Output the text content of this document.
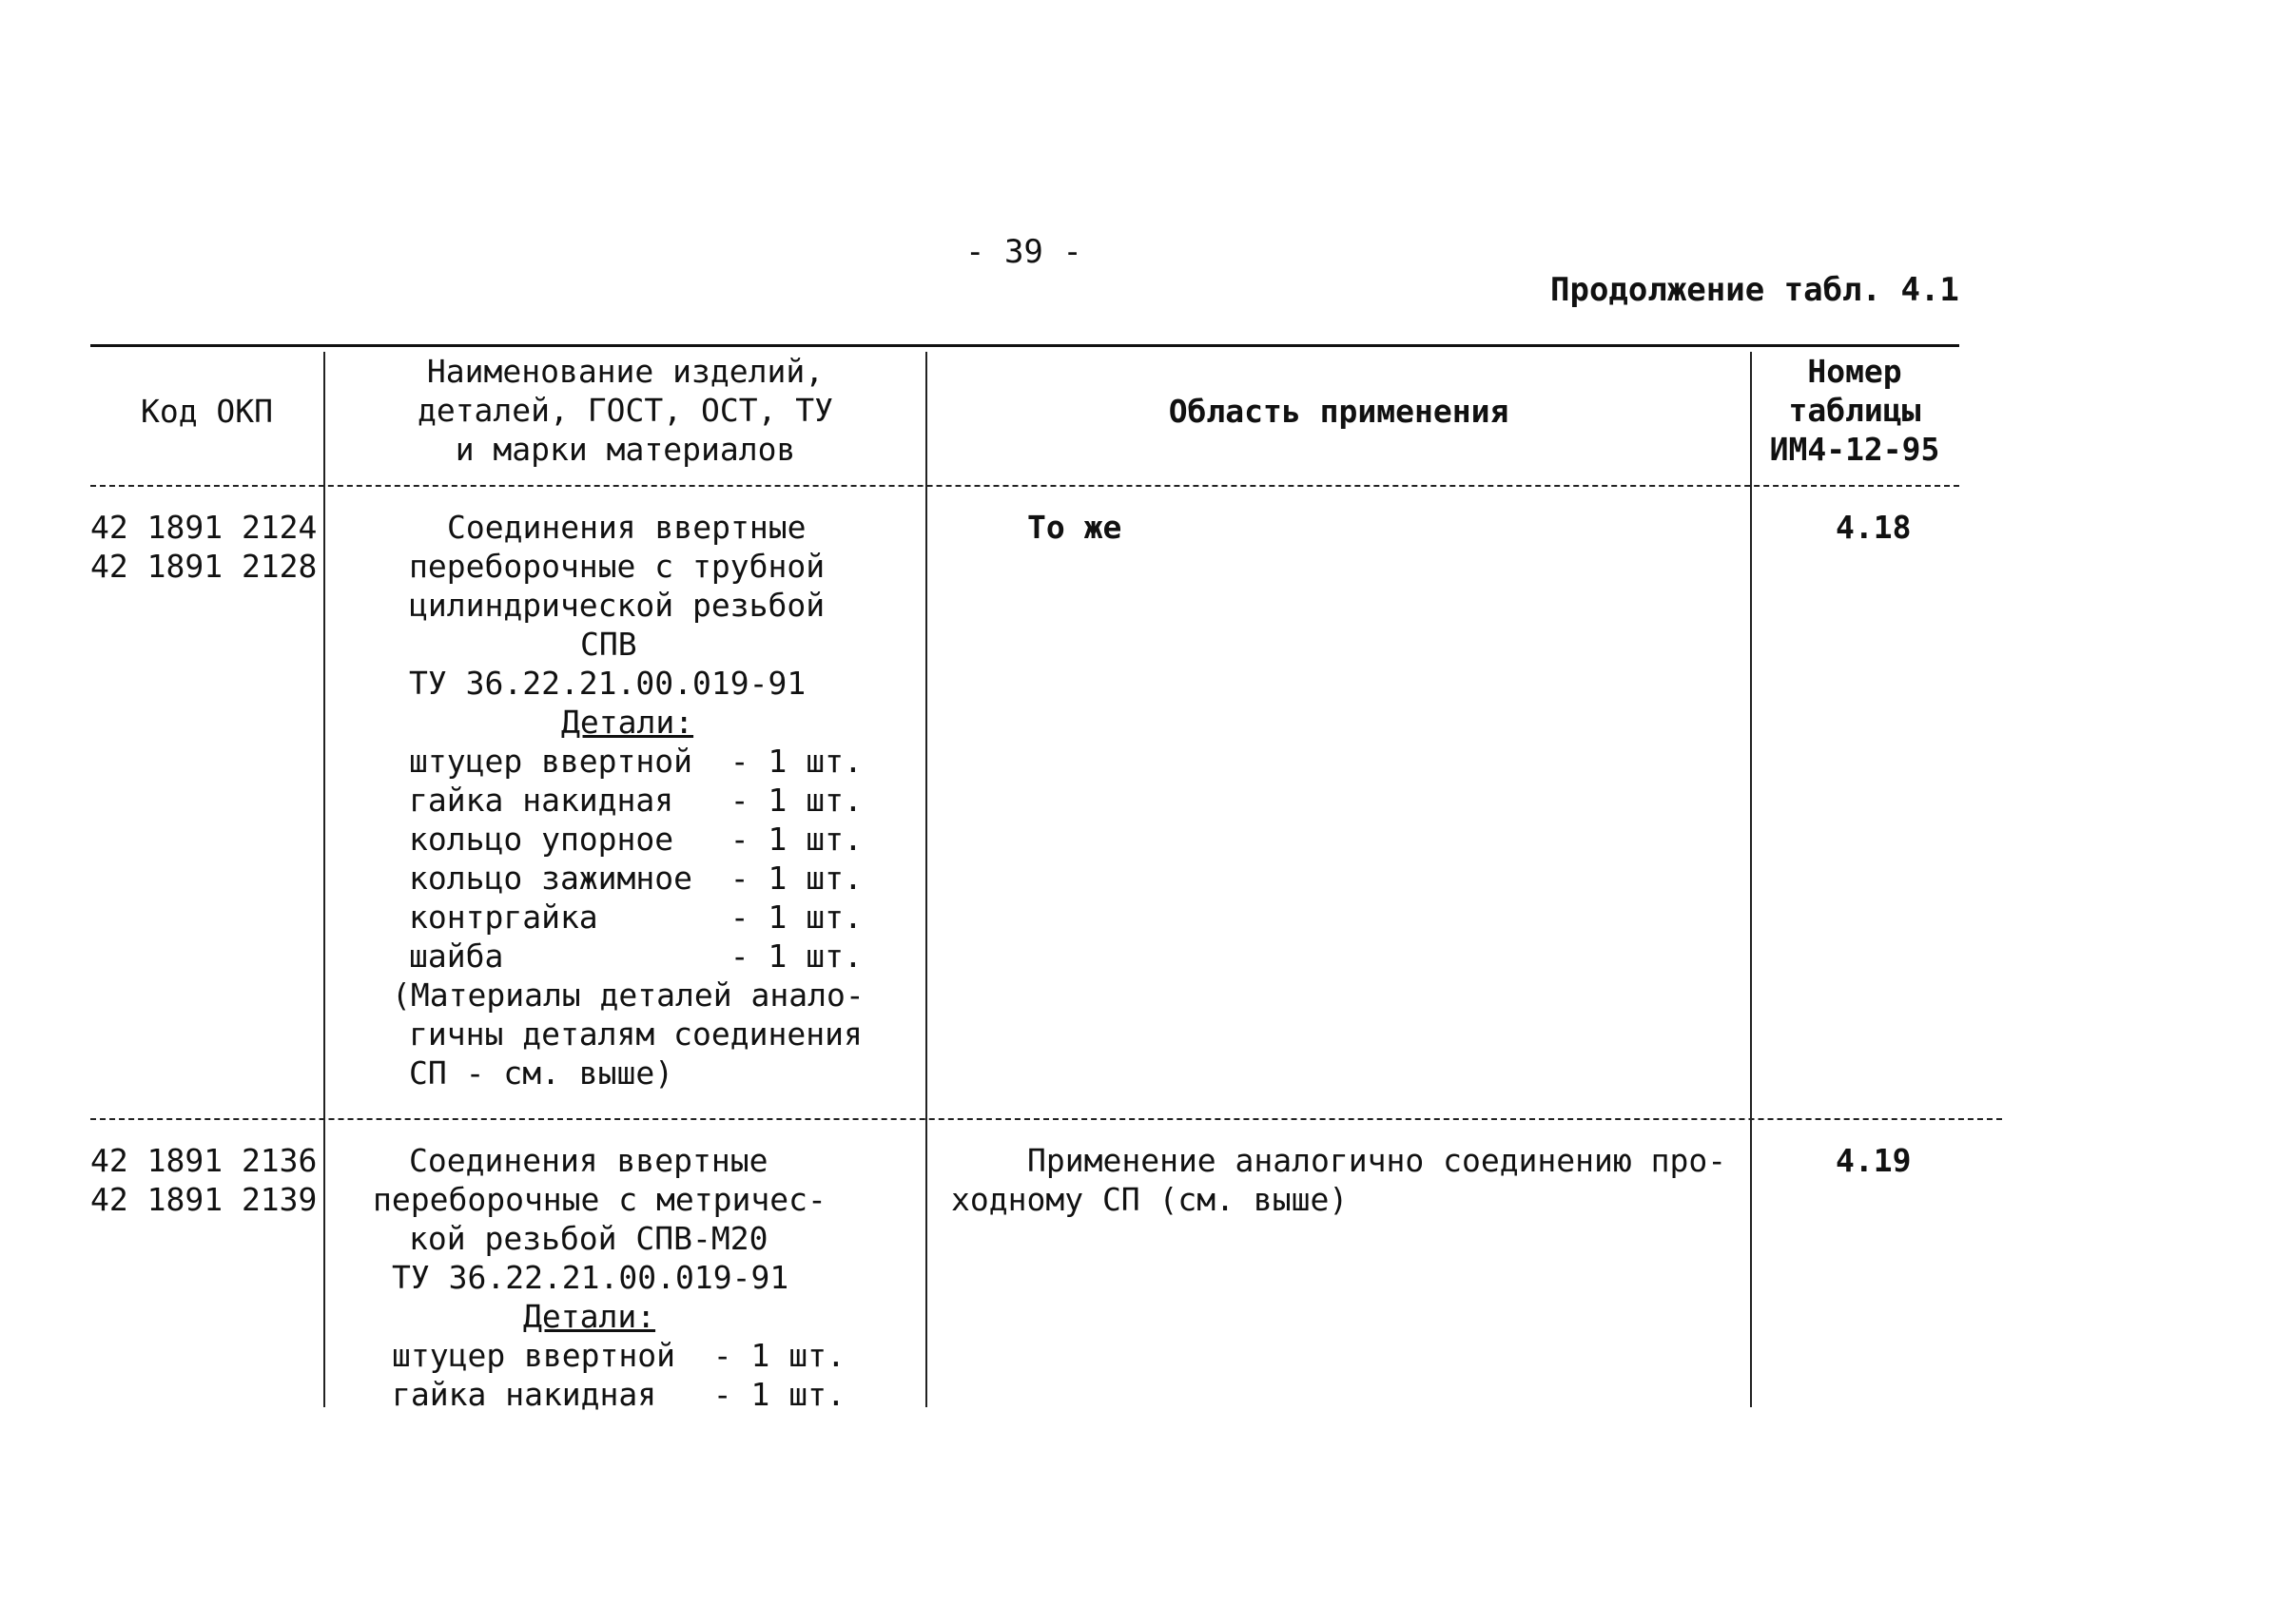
- 39 -
Продолжение табл. 4.1
Код ОКП
Наименование изделий,
деталей, ГОСТ, ОСТ, ТУ
и марки материалов
Область применения
Номер
таблицы
ИМ4-12-95
42 1891 2124
42 1891 2128
Соединения ввертные
переборочные с трубной
цилиндрической резьбой
СПВ
ТУ 36.22.21.00.019-91
Детали:
штуцер ввертной  - 1 шт.
гайка накидная   - 1 шт.
кольцо упорное   - 1 шт.
кольцо зажимное  - 1 шт.
контргайка       - 1 шт.
шайба            - 1 шт.
(Материалы деталей анало-
гичны деталям соединения
СП - см. выше)
То же	4.18
42 1891 2136
42 1891 2139
Соединения ввертные
переборочные с метричес-
кой резьбой СПВ-М20
ТУ 36.22.21.00.019-91
Детали:
штуцер ввертной  - 1 шт.
гайка накидная   - 1 шт.
Применение аналогично соединению про-
ходному СП (см. выше)
4.19
